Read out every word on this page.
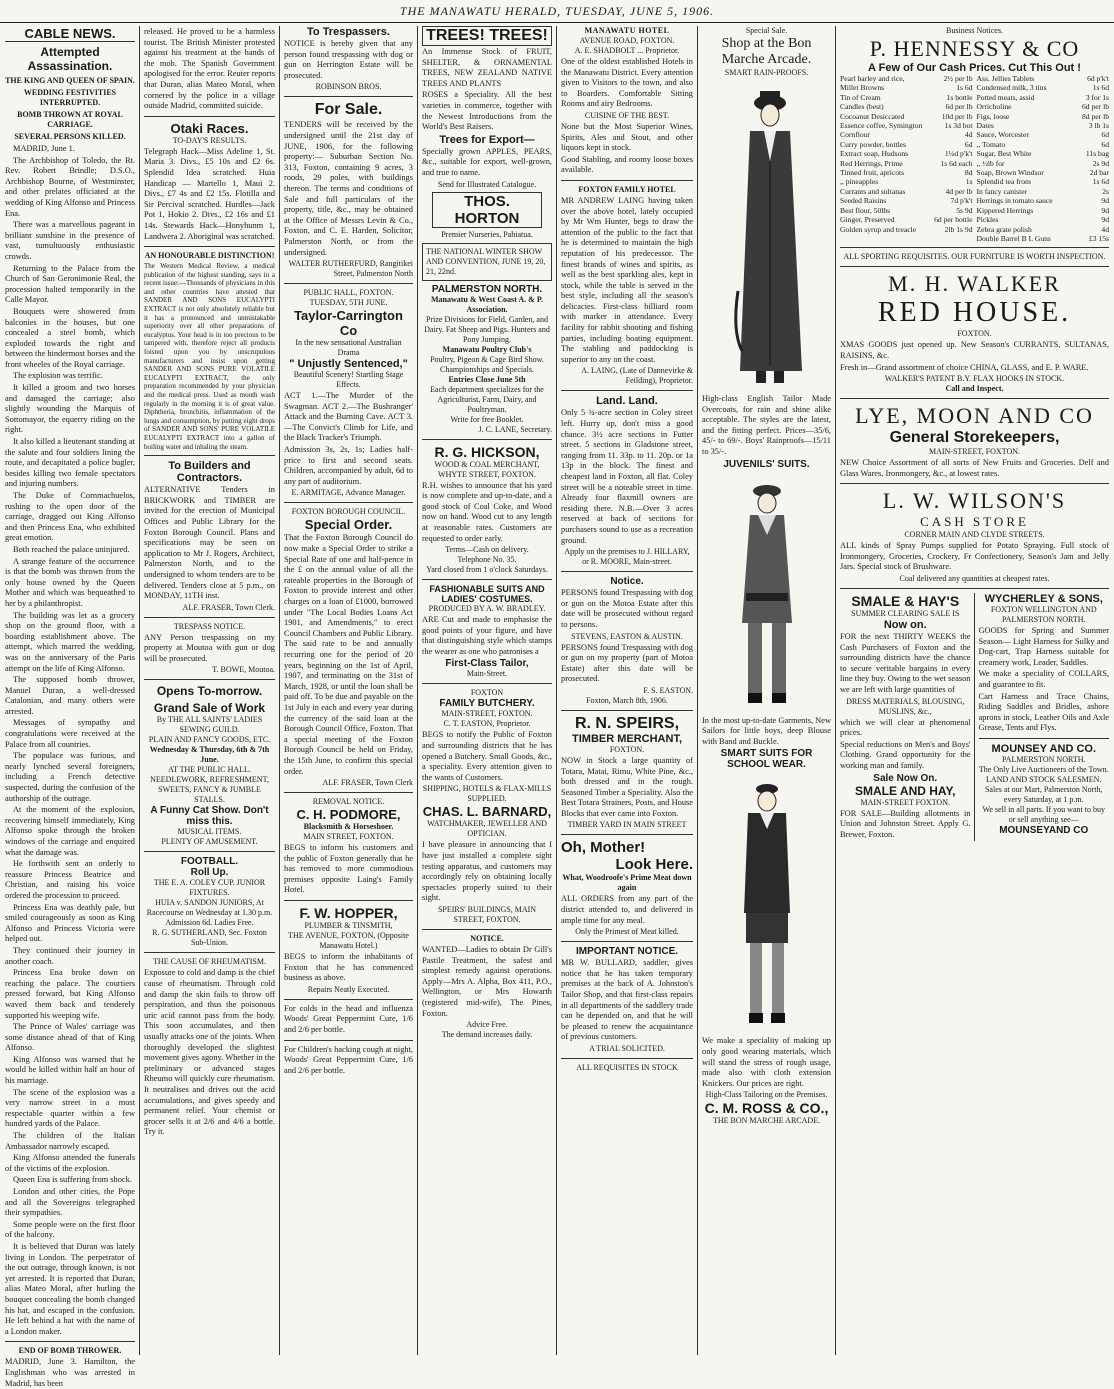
THE MANAWATU HERALD, TUESDAY, JUNE 5, 1906.
CABLE NEWS.
Attempted Assassination.
THE KING AND QUEEN OF SPAIN.
WEDDING FESTIVITIES INTERRUPTED.
BOMB THROWN AT ROYAL CARRIAGE.
SEVERAL PERSONS KILLED.
MADRID, June 1.
The Archbishop of Toledo, the Rt. Rev. Robert Brindle; D.S.O., Archbishop Bourne, of Westminster, and other prelates officiated at the wedding of King Alfonso and Princess Ena.
There was a marvellous pageant in brilliant sunshine in the presence of vast, tumultuously enthusiastic crowds.
Returning to the Palace from the Church of San Geronimonie Real, the procession halted temporarily in the Calle Mayor.
Bouquets were showered from balconies in the houses, but one concealed a steel bomb, which exploded towards the right and between the hindermost horses and the front wheeles of the Royal carriage.
The explosion was terrific.
It killed a groom and two horses and damaged the carriage; also slightly wounding the Marquis of Sottomayor, the equerry riding on the right.
It also killed a lieutenant standing at the salute and four soldiers lining the route, and decapitated a police bugler, besides killing two female spectators and injuring numbers.
The Duke of Cornmachuelos, rushing to the open door of the carriage, dragged out King Alfonso and then Princess Ena, who exhibited great emotion.
Both reached the palace uninjured.
A strange feature of the occurrence is that the bomb was thrown from the only house owned by the Queen Mother and which was bequeathed to her by a philanthropist.
The building was let as a grocery shop on the ground floor, with a boarding establishment above. The attempt, which marred the wedding, was on the anniversary of the Paris attempt on the life of King Alfonso.
The supposed bomb thrower, Manuel Duran, a well-dressed Catalonian, and many others were arrested.
Messages of sympathy and congratulations were received at the Palace from all countries.
The populace was furious, and nearly lynched several foreigners, including a French detective suspected, during the confusion of the authorship of the outrage.
At the moment of the explosion, recovering himself immediately, King Alfonso spoke through the broken windows of the carriage and enquired what the damage was.
He forthwith sent an orderly to reassure Princess Beatrice and Christian, and raising his voice ordered the procession to proceed.
Princess Ena was deathly pale, but smiled courageously as soon as King Alfonso and Princess Victoria were helped out.
They continued their journey in another coach.
Princess Ena broke down on reaching the palace. The courtiers pressed forward, but King Alfonso waved them back and tenderely supported his weeping wife.
The Prince of Wales' carriage was some distance ahead of that of King Alfonso.
King Alfonso was warned that he would be killed within half an hour of his marriage.
The scene of the explosion was a very narrow street in a most respectable quarter within a few hundred yards of the Palace.
The children of the Italian Ambassador narrowly escaped.
King Alfonso attended the funerals of the victims of the explosion.
Queen Ena is suffering from shock.
London and other cities, the Pope and all the Sovereigns telegraphed their sympathies.
Some people were on the first floor of the balcony.
It is believed that Duran was lately living in London. The perpetrator of the out outrage, through known, is not yet arrested. It is reported that Duran, alias Mateo Moral, after hurling the bouquet concealing the bomb changed his hat, and escaped in the confusion. He left behind a hat with the name of a London maker.
END OF BOMB THROWER.
MADRID, June 3. Hamilton, the Englishman who was arrested in Madrid, has been
released. He proved to be a harmless tourist. The British Minister protested against his treatment at the hands of the mob. The Spanish Government apologised for the error. Reuter reports that Duran, alias Mateo Moral, when cornered by the police in a village outside Madrid, committed suicide.
Otaki Races.
TO-DAY'S RESULTS.
Telegraph Hack—Miss Adeline 1, St. Maria 3. Divs., £5 10s and £2 6s. Splendid Idea scratched. Huia Handicap — Martello 1, Maui 2. Divs., £7 4s and £2 15s. Flotilla and Sir Percival scratched. Hurdles—Jack Pot 1, Hokio 2. Divs., £2 16s and £1 14s. Stewards Hack—Honyhunm 1, Landwera 2. Aboriginal was scratched.
AN HONOURABLE DISTINCTION!
The Western Medical Review, a medical publication of the highest standing, says in a recent issue:—Thousands of physicians in this and other countries have attested that SANDER AND SONS EUCALYPTI EXTRACT is not only absolutely reliable but it has a pronounced and unmistakable superiority over all other preparations of eucalyptus. Your head is in too precious to be tampered with, therefore reject all products foisted upon you by unscrupulous manufacturers and insist upon getting SANDER AND SONS PURE VOLATILE EUCALYPTI EXTRACT, the only preparation recommended by your physician and the medical press. Used as mouth wash regularly in the morning it is of great value. Diphtheria, bronchitis, inflammation of the lungs and consumption, by putting eight drops of SANDER AND SONS' PURE VOLATILE EUCALYPTI EXTRACT into a gallon of boiling water and inhaling the steam.
To Builders and Contractors.
ALTERNATIVE Tenders in BRICKWORK and TIMBER are invited for the erection of Municipal Offices and Public Library for the Foxton Borough Council. Plans and specifications may be seen on application to Mr J. Rogers, Architect, Palmerston North, and to the undersigned to whom tenders are to be delivered. Tenders close at 5 p.m., on MONDAY, 11TH inst.
ALF. FRASER, Town Clerk.
TRESPASS NOTICE.
ANY Person trespassing on my property at Moutoa with gun or dog will be prosecuted.
T. BOWE, Moutoa.
Opens To-morrow.
Grand Sale of Work
By THE ALL SAINTS' LADIES SEWING GUILD.
PLAIN AND FANCY GOODS, ETC.
Wednesday & Thursday, 6th & 7th June.
AT THE PUBLIC HALL.
NEEDLEWORK, REFRESHMENT, SWEETS, FANCY & JUMBLE STALLS.
A Funny Cat Show. Don't miss this.
MUSICAL ITEMS.
PLENTY OF AMUSEMENT.
FOOTBALL.
Roll Up.
THE E. A. COLEY CUP. JUNIOR FIXTURES.
HUIA v. SANDON JUNIORS, At Racecourse on Wednesday at 1.30 p.m.
Admission 6d. Ladies Free.
R. G. SUTHERLAND, Sec. Foxton Sub-Union.
THE CAUSE OF RHEUMATISM.
Exposure to cold and damp is the chief cause of rheumatism. Through cold and damp the skin fails to throw off perspiration, and thus the poisonous uric acid cannot pass from the body. This soon accumulates, and then usually attacks one of the joints. When thoroughly developed the slightest movement gives agony. Whether in the preliminary or advanced stages Rheumo will quickly cure rheumatism. It neutralises and drives out the acid accumulations, and gives speedy and permanent relief. Your chemist or grocer sells it at 2/6 and 4/6 a bottle. Try it.
To Trespassers.
NOTICE is hereby given that any person found trespassing with dog or gun on Herrington Estate will be prosecuted.
ROBINSON BROS.
For Sale.
TENDERS will be received by the undersigned until the 21st day of JUNE, 1906, for the following property:— Suburban Section No. 313, Foxton, containing 9 acres, 3 roods, 29 poles, with buildings thereon. The terms and conditions of Sale and full particulars of the property, title, &c., may be obtained at the Office of Messrs Levin & Co., Foxton, and C. E. Harden, Solicitor, Palmerston North, or from the undersigned.
WALTER RUTHERFURD, Rangitikei Street, Palmerston North
PUBLIC HALL, FOXTON.
TUESDAY, 5TH JUNE.
Taylor-Carrington Co
In the new sensational Australian Drama
" Unjustly Sentenced,"
Beautiful Scenery! Startling Stage Effects.
ACT 1.—The Murder of the Swagman. ACT 2.—The Bushranger' Attack and the Burning Cave. ACT 3.—The Convict's Climb for Life, and the Black Tracker's Triumph.
Admission 3s, 2s, 1s; Ladies half-price to first and second seats. Children, accompanied by adult, 6d to any part of auditorium.
E. ARMITAGE, Advance Manager.
FOXTON BOROUGH COUNCIL.
Special Order.
That the Foxton Borough Council do now make a Special Order to strike a Special Rate of one and half-pence in the £ on the annual value of all the rateable properties in the Borough of Foxton to provide interest and other charges on a loan of £1000, borrowed under "The Local Bodies Loans Act 1901, and Amendments," to erect Council Chambers and Public Library. The said rate to be and annually recurring one for the period of 20 years, beginning on the 1st of April, 1907, and terminating on the 31st of March, 1928, or until the loan shall be paid off. To be due and payable on the 1st July in each and every year during the currency of the said loan at the Borough Council Office, Foxton. That a special meeting of the Foxton Borough Council be held on Friday, the 15th June, to confirm this special order.
ALF. FRASER, Town Clerk
REMOVAL NOTICE.
C. H. PODMORE,
Blacksmith & Horseshoer.
MAIN STREET, FOXTON.
BEGS to inform his customers and the public of Foxton generally that he has removed to more commodious premises opposite Laing's Family Hotel.
F. W. HOPPER,
PLUMBER & TINSMITH,
THE AVENUE, FOXTON, (Opposite Manawatu Hotel.)
BEGS to inform the inhabitants of Foxton that he has commenced business as above.
Repairs Neatly Executed.
For colds in the head and influenza Woods' Great Peppermint Cure, 1/6 and 2/6 per bottle.
For Children's hacking cough at night, Woods' Great Peppermint Cure, 1/6 and 2/6 per bottle.
TREES! TREES!
An Immense Stock of FRUIT, SHELTER, & ORNAMENTAL TREES, NEW ZEALAND NATIVE TREES AND PLANTS
ROSES a Speciality. All the best varieties in commerce, together with the Newest Introductions from the World's Best Raisers.
Trees for Export—
Specially grown APPLES, PEARS, &c., suitable for export, well-grown, and true to name.
Send for Illustrated Catalogue.
THOS. HORTON
Premier Nurseries, Pahiatua.
THE NATIONAL WINTER SHOW AND CONVENTION, JUNE 19, 20, 21, 22nd.
PALMERSTON NORTH.
Manawatu & West Coast A. & P. Association.
Prize Divisions for Field, Garden, and Dairy. Fat Sheep and Pigs. Hunters and Pony Jumping.
Manawatu Poultry Club's
Poultry, Pigeon & Cage Bird Show. Championships and Specials.
Entries Close June 5th
Each department specializes for the Agriculturist, Farm, Dairy, and Poultryman.
Write for free Booklet.
J. C. LANE, Secretary.
R. G. HICKSON,
WOOD & COAL MERCHANT,
WHYTE STREET, FOXTON.
R.H. wishes to announce that his yard is now complete and up-to-date, and a good stock of Coal Coke, and Wood now on hand. Wood cut to any length at reasonable rates. Customers are requested to order early.
Terms—Cash on delivery.
Telephone No. 35.
Yard closed from 1 o'clock Saturdays.
FASHIONABLE SUITS AND LADIES' COSTUMES.
PRODUCED BY A. W. BRADLEY.
ARE Cut and made to emphasise the good points of your figure, and have that distinguishing style which stamps the wearer as one who patronises a
First-Class Tailor,
Main-Street.
FOXTON
FAMILY BUTCHERY.
MAIN-STREET, FOXTON.
C. T. EASTON, Proprietor.
BEGS to notify the Public of Foxton and surrounding districts that he has opened a Butchery. Small Goods, &c., a speciality. Every attention given to the wants of Customers.
SHIPPING, HOTELS & FLAX-MILLS SUPPLIED.
CHAS. L. BARNARD,
WATCHMAKER, JEWELLER AND OPTICIAN.
I have pleasure in announcing that I have just installed a complete sight testing apparatus, and customers may accordingly rely on obtaining locally spectacles properly suited to their sight.
SPEIRS' BUILDINGS, MAIN STREET, FOXTON.
NOTICE.
WANTED—Ladies to obtain Dr Gill's Pastile Treatment, the safest and simplest remedy against operations. Apply—Mrs A. Alpha, Box 411, P.O., Wellington, or Mrs Howarth (registered mid-wife), The Pines, Foxton.
Advice Free.
The demand increases daily.
MANAWATU HOTEL
AVENUE ROAD, FOXTON.
A. E. SHADBOLT ... Proprietor.
One of the oldest established Hotels in the Manawatu District. Every attention given to Visitors to the town, and also to Boarders. Comfortable Sitting Rooms and airy Bedrooms.
CUISINE OF THE BEST.
None but the Most Superior Wines, Spirits, Ales and Stout, and other liquors kept in stock.
Good Stabling, and roomy loose boxes available.
FOXTON FAMILY HOTEL
MR ANDREW LAING having taken over the above hotel, lately occupied by Mr Wm Hunter, begs to draw the attention of the public to the fact that he is determined to maintain the high reputation of his predecessor. The finest brands of wines and spirits, as well as the best sparkling ales, kept in stock, while the table is served in the best style, including all the season's delicacies. First-class billiard room with marker in attendance. Every facility for rabbit shooting and fishing parties, including boating equipment. The stabling and paddocking is superior to any on the coast.
A. LAING, (Late of Dannevirke & Feilding), Proprietor.
Land. Land.
Only 5 ¾-acre section in Coley street left. Hurry up, don't miss a good chance. 3½ acre sections in Futter street. 5 sections in Gladstone street, ranging from 11. 33p. to 11. 20p. or 1a 13p in the block. The finest and cheapest land in Foxton, all flat. Coley street will be a noteable street in time. Already four flaxmill owners are residing there. N.B.—Over 3 acres reserved at back of sections for purchasers sound to use as a recreation ground.
Apply on the premises to J. HILLARY, or R. MOORE, Main-street.
Notice.
PERSONS found Trespassing with dog or gun on the Motoa Estate after this date will be prosecuted without regard to persons.
STEVENS, EASTON & AUSTIN.
PERSONS found Trespassing with dog or gun on my property (part of Motoa Estate) after this date will be prosecuted.
F. S. EASTON.
Foxton, March 8th, 1906.
R. N. SPEIRS,
TIMBER MERCHANT,
FOXTON.
NOW in Stock a large quantity of Totara, Matai, Rimu, White Pine, &c., both dressed and in the rough. Seasoned Timber a Speciality. Also the Best Totara Strainers, Posts, and House Blocks that ever came into Foxton.
TIMBER YARD IN MAIN STREET
Oh, Mother!
Look Here.
What, Woodroofe's Prime Meat down again
ALL ORDERS from any part of the district attended to, and delivered in ample time for any meal.
Only the Primest of Meat killed.
IMPORTANT NOTICE.
MR W. BULLARD, saddler, gives notice that he has taken temporary premises at the back of A. Johnston's Tailor Shop, and that first-class repairs in all departments of the saddlery trade can be depended on, and that he will be pleased to renew the acquaintance of previous customers.
A TRIAL SOLICITED.
ALL REQUISITES IN STOCK
Special Sale.
Shop at the Bon Marche Arcade.
SMART RAIN-PROOFS.
High-class English Tailor Made Overcoats, for rain and shine alike acceptable. The styles are the latest, and the fitting perfect. Prices—35/6, 45/- to 69/-. Boys' Rainproofs—15/11 to 35/-.
JUVENILS' SUITS.
In the most up-to-date Garments, New Sailors for little boys, deep Blouse with Band and Buckle.
SMART SUITS FOR SCHOOL WEAR.
We make a speciality of making up only good wearing materials, which will stand the stress of rough usage, made also with cloth extension Knickers. Our prices are right.
High-Class Tailoring on the Premises.
C. M. ROSS & CO.,
THE BON MARCHE ARCADE.
Business Notices.
P. HENNESSY & CO
A Few of Our Cash Prices. Cut This Out !
Pearl barley and rice,	2½ per lb
Millet Browns	1s 6d
Tin of Cream	1s bottle
Candles (best)	6d per lb
Cocoanut Desiccated	10d per lb
Essence coffee, Symington	1s 3d bot
Cornflour	4d
Curry powder, bottles	6d
Extract soap, Hudsons	1¼d p'k't
Red Herrings, Prime	1s 6d each
Tinned fruit, apricots	8d
,, pineapples	1s
Currants and sultanas	4d per lb
Seeded Raisins	7d p'k't
Best flour, 50lbs	5s 9d
Ginger, Preserved	6d per bottle
Golden syrup and treacle	2lb 1s 9d
Ass. Jellies Tablets	6d p'k't
Condensed milk, 3 tins	1s 6d
Potted meats, assid	3 for 1s
Orricholine	6d per lb
Figs, loose	8d per lb
Dates	3 lb 1s
Sauce, Worcester	6d
,, Tomato	6d
Sugar, Best White	11s bag
,, ½lb for	2s 9d
Soap, Brown Windsor	2d bar
Splendid tea from	1s 6d
In fancy canister	2s
Herrings in tomato sauce	9d
Kippered Herrings	9d
Pickles	9d
Zebra grate polish	4d
Double Barrel B L Guns	£3 15s
ALL SPORTING REQUISITES. OUR FURNITURE IS WORTH INSPECTION.
M. H. WALKER
RED HOUSE.
FOXTON.
XMAS GOODS just opened up. New Season's CURRANTS, SULTANAS, RAISINS, &c.
Fresh in—Grand assortment of choice CHINA, GLASS, and E. P. WARE.
WALKER'S PATENT B.Y. FLAX HOOKS IN STOCK.
Call and Inspect.
LYE, MOON AND CO
General Storekeepers,
MAIN-STREET, FOXTON.
NEW Choice Assortment of all sorts of New Fruits and Groceries. Delf and Glass Wares, Ironmongery, &c., at lowest rates.
L. W. WILSON'S
CASH STORE
CORNER MAIN AND CLYDE STREETS.
ALL kinds of Spray Pumps supplied for Potato Spraying. Full stock of Ironmongery, Groceries, Crockery, Fr Confectionery, Season's Jam and Jelly Jars. Special stock of Brushware.
Coal delivered any quantities at cheapest rates.
SMALE & HAY'S
SUMMER CLEARING SALE IS
Now on.
FOR the next THIRTY WEEKS the Cash Purchasers of Foxton and the surrounding districts have the chance to secure veritable bargains in every line they buy. Owing to the wet season we are left with large quantities of
DRESS MATERIALS, BLOUSING, MUSLINS, &c.,
which we will clear at phenomenal prices.
Special reductions on Men's and Boys' Clothing. Grand opportunity for the working man and family.
Sale Now On.
SMALE AND HAY,
MAIN-STREET FOXTON.
FOR SALE—Building allotments in Union and Johnston Street. Apply G. Brewer, Foxton.
WYCHERLEY & SONS,
FOXTON WELLINGTON AND PALMERSTON NORTH.
GOODS for Spring and Summer Season— Light Harness for Sulky and Dog-cart, Trap Harness suitable for creamery work, Leader, Saddles.
We make a speciality of COLLARS, and guarantee to fit.
Cart Harness and Trace Chains, Riding Saddles and Bridles, ashore aprons in stock, Leather Oils and Axle Grease, Tents and Flys.
MOUNSEY AND CO.
PALMERSTON NORTH.
The Only Live Auctioneers of the Town.
LAND AND STOCK SALESMEN.
Sales at our Mart, Palmerston North, every Saturday, at 1 p.m.
We sell in all parts. If you want to buy or sell anything see—
MOUNSEYAND CO
